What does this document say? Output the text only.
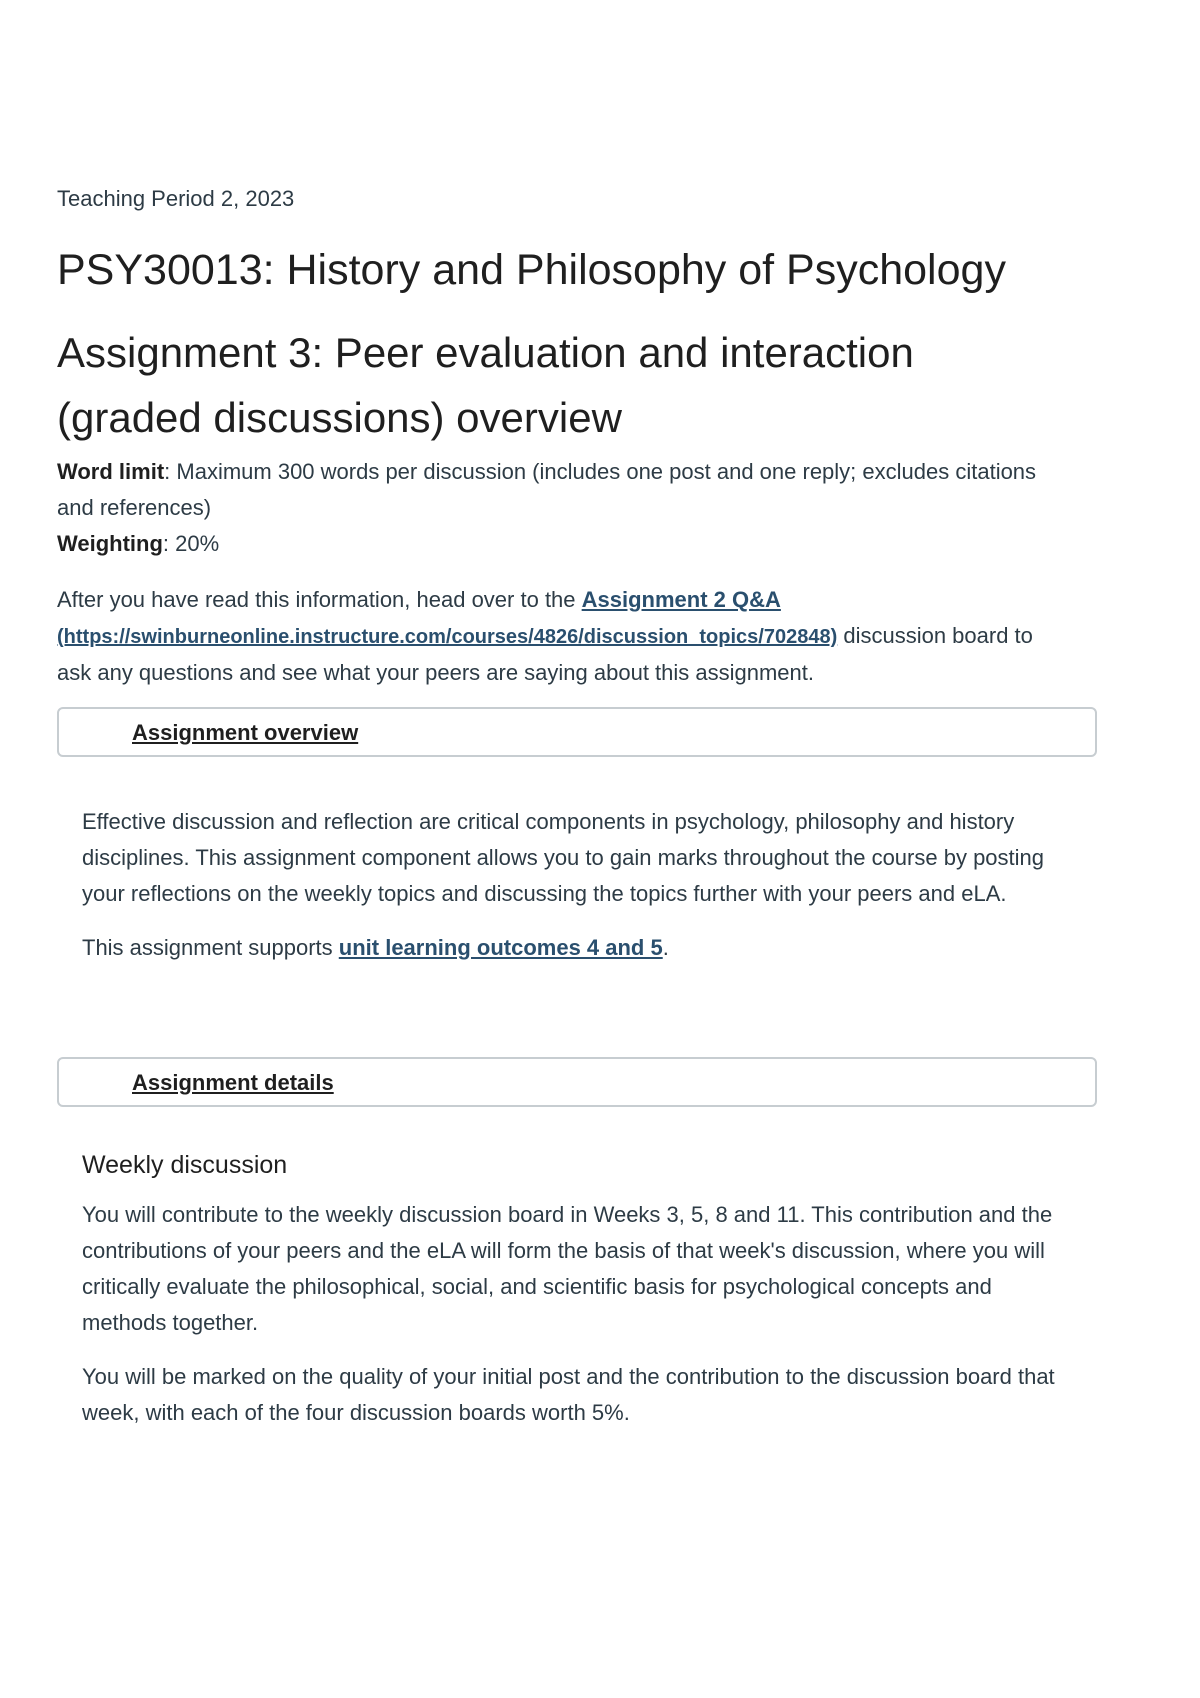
Teaching Period 2, 2023

PSY30013: History and Philosophy of Psychology
Assignment 3: Peer evaluation and interaction (graded discussions) overview

Word limit: Maximum 300 words per discussion (includes one post and one reply; excludes citations and references)
Weighting: 20%

After you have read this information, head over to the Assignment 2 Q&A
(https://swinburneonline.instructure.com/courses/4826/discussion_topics/702848) discussion board to ask any questions and see what your peers are saying about this assignment.

Assignment overview

Effective discussion and reflection are critical components in psychology, philosophy and history disciplines. This assignment component allows you to gain marks throughout the course by posting your reflections on the weekly topics and discussing the topics further with your peers and eLA.

This assignment supports unit learning outcomes 4 and 5.

Assignment details
Weekly discussion

You will contribute to the weekly discussion board in Weeks 3, 5, 8 and 11. This contribution and the contributions of your peers and the eLA will form the basis of that week's discussion, where you will critically evaluate the philosophical, social, and scientific basis for psychological concepts and methods together.

You will be marked on the quality of your initial post and the contribution to the discussion board that week, with each of the four discussion boards worth 5%.
